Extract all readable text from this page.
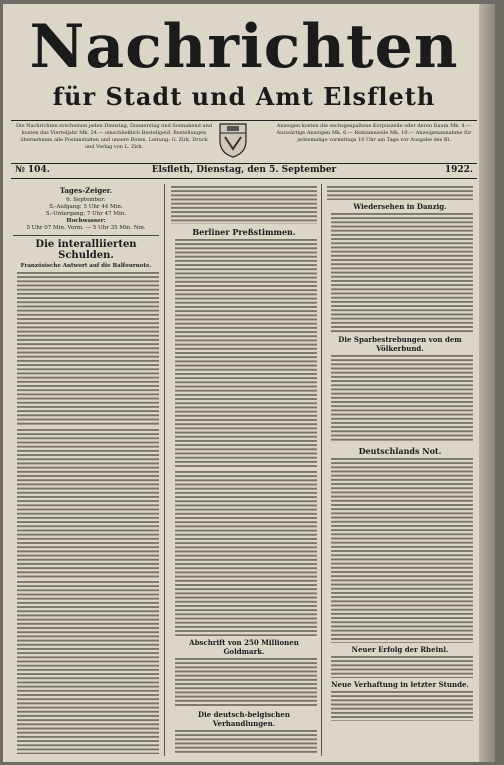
Nachrichten
für Stadt und Amt Elsfleth
Die Nachrichten erscheinen jeden Dienstag, Donnerstag und Sonnabend und kosten das Vierteljahr Mk. 24.— einschließlich Bestellgeld. Bestellungen übernehmen alle Postanstalten und unsere Boten. Leitung: G. Zirk. Druck und Verlag von L. Zirk.
Anzeigen kosten die sechsgespaltene Korpuszeile oder deren Raum Mk. 4.— Auswärtige Anzeigen Mk. 6.— Reklamezeile Mk. 10.— Anzeigenannahme für jedesmalige vormittags 10 Uhr am Tage vor Ausgabe des Bl.
№ 104.	Elsfleth, Dienstag, den 5. September	1922.
Tages-Zeiger.
6. September:
S.-Aufgang: 5 Uhr 44 Min.
S.-Untergang: 7 Uhr 47 Min.
Hochwasser:
5 Uhr 07 Min. Vorm. — 5 Uhr 35 Min. Nm.
Die interalliierten Schulden.
Französische Antwort auf die Balfournote.
Berliner Preßstimmen.
Abschrift von 250 Millionen Goldmark.
Die deutsch-belgischen Verhandlungen.
Wiedersehen in Danzig.
Die Sparbestrebungen von dem Völkerbund.
Deutschlands Not.
Neuer Erfolg der Rheinl.
Neue Verhaftung in letzter Stunde.
